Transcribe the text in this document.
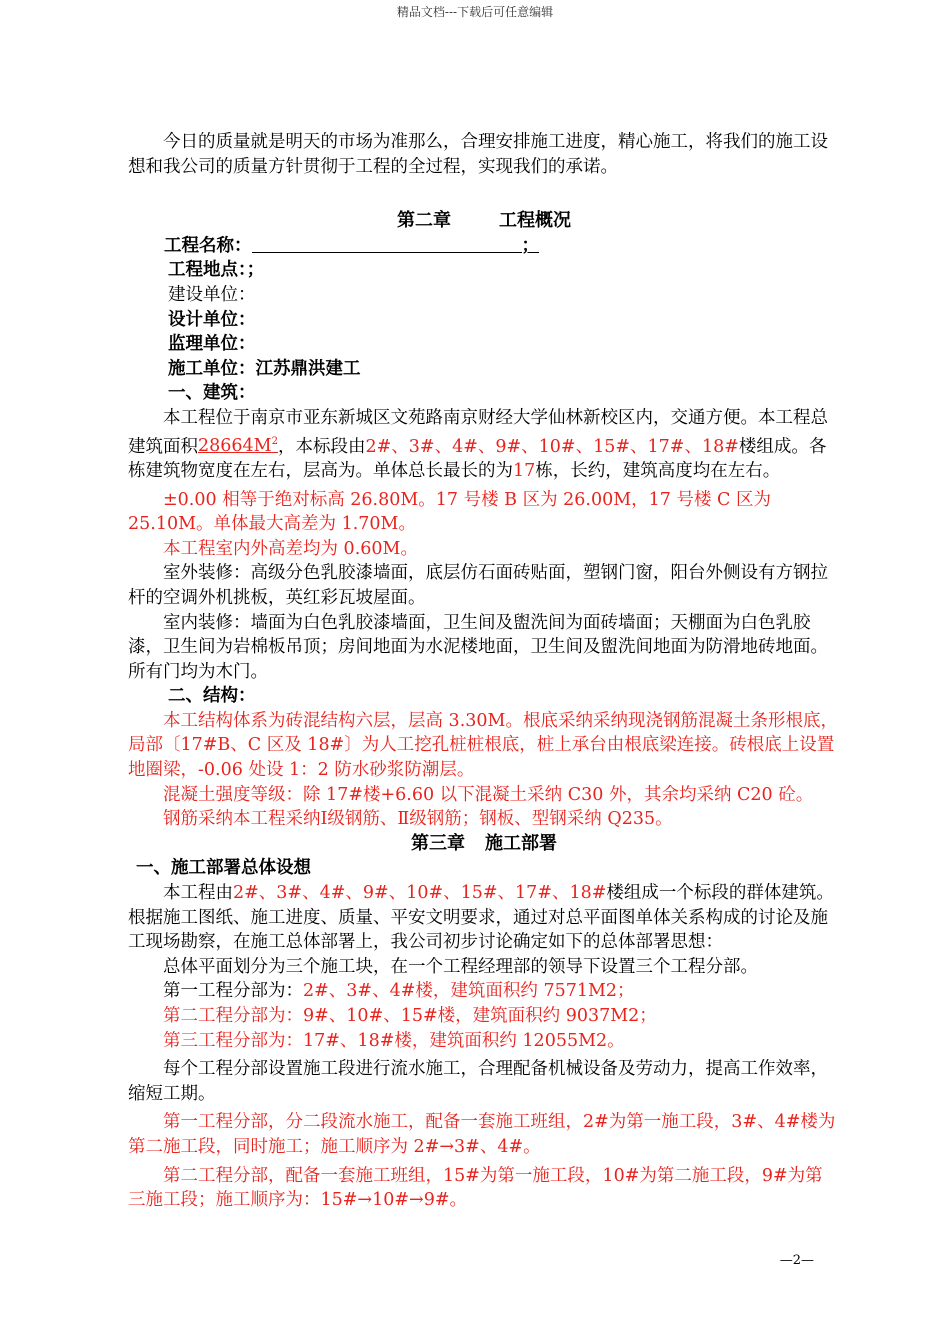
精品文档---下载后可任意编辑

今日的质量就是明天的市场为准那么，合理安排施工进度，精心施工，将我们的施工设想和我公司的质量方针贯彻于工程的全过程，实现我们的承诺。

第二章	工程概况

工程名称：	；

工程地点：；

建设单位：

设计单位：

监理单位：

施工单位：江苏鼎洪建工

一、建筑：

本工程位于南京市亚东新城区文苑路南京财经大学仙林新校区内，交通方便。本工程总建筑面积$28664M^2$，本标段由2#、3#、4#、9#、10#、15#、17#、18#楼组成。各栋建筑物宽度在左右，层高为。单体总长最长的为17栋，长约，建筑高度均在左右。

±0.00 相等于绝对标高 26.80M。17 号楼 B 区为 26.00M，17 号楼 C 区为 25.10M。单体最大高差为 1.70M。

本工程室内外高差均为 0.60M。

室外装修：高级分色乳胶漆墙面，底层仿石面砖贴面，塑钢门窗，阳台外侧设有方钢拉杆的空调外机挑板，英红彩瓦坡屋面。

室内装修：墙面为白色乳胶漆墙面，卫生间及盥洗间为面砖墙面；天棚面为白色乳胶漆，卫生间为岩棉板吊顶；房间地面为水泥楼地面，卫生间及盥洗间地面为防滑地砖地面。所有门均为木门。

二、结构：

本工结构体系为砖混结构六层，层高 3.30M。根底采纳采纳现浇钢筋混凝土条形根底，局部〔17#B、C 区及 18#〕为人工挖孔桩桩根底，桩上承台由根底梁连接。砖根底上设置地圈梁，-0.06 处设 1：2 防水砂浆防潮层。

混凝土强度等级：除 17#楼+6.60 以下混凝土采纳 C30 外，其余均采纳 C20 砼。

钢筋采纳本工程采纳Ⅰ级钢筋、Ⅱ级钢筋；钢板、型钢采纳 Q235。

第三章 施工部署

一、施工部署总体设想

本工程由2#、3#、4#、9#、10#、15#、17#、18#楼组成一个标段的群体建筑。根据施工图纸、施工进度、质量、平安文明要求，通过对总平面图单体关系构成的讨论及施工现场勘察，在施工总体部署上，我公司初步讨论确定如下的总体部署思想：

总体平面划分为三个施工块，在一个工程经理部的领导下设置三个工程分部。

第一工程分部为：2#、3#、4#楼，建筑面积约 7571M2；

第二工程分部为：9#、10#、15#楼，建筑面积约 9037M2；

第三工程分部为：17#、18#楼，建筑面积约 12055M2。

每个工程分部设置施工段进行流水施工，合理配备机械设备及劳动力，提高工作效率，缩短工期。

第一工程分部，分二段流水施工，配备一套施工班组，2#为第一施工段，3#、4#楼为第二施工段，同时施工；施工顺序为 2#→3#、4#。

第二工程分部，配备一套施工班组，15#为第一施工段，10#为第二施工段，9#为第三施工段；施工顺序为：15#→10#→9#。

—2—
